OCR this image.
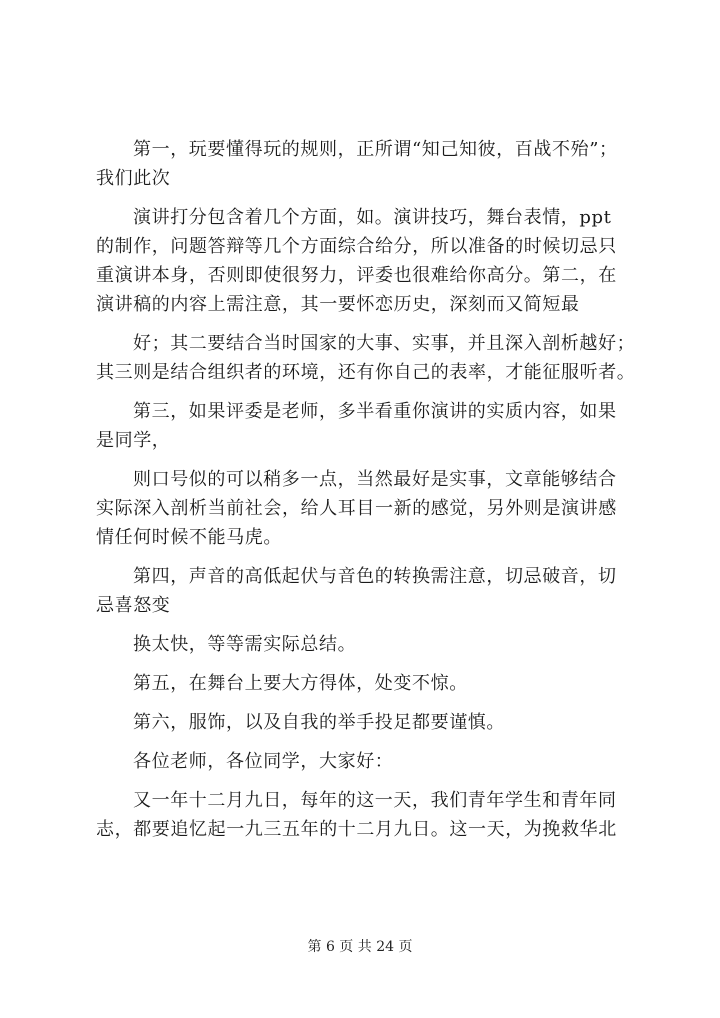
第一，玩要懂得玩的规则，正所谓“知己知彼，百战不殆”；
我们此次

演讲打分包含着几个方面，如。演讲技巧，舞台表情，ppt
的制作，问题答辩等几个方面综合给分，所以准备的时候切忌只
重演讲本身，否则即使很努力，评委也很难给你高分。第二，在
演讲稿的内容上需注意，其一要怀恋历史，深刻而又简短最

好；其二要结合当时国家的大事、实事，并且深入剖析越好；
其三则是结合组织者的环境，还有你自己的表率，才能征服听者。

第三，如果评委是老师，多半看重你演讲的实质内容，如果
是同学，

则口号似的可以稍多一点，当然最好是实事，文章能够结合
实际深入剖析当前社会，给人耳目一新的感觉，另外则是演讲感
情任何时候不能马虎。

第四，声音的高低起伏与音色的转换需注意，切忌破音，切
忌喜怒变

换太快，等等需实际总结。

第五，在舞台上要大方得体，处变不惊。

第六，服饰，以及自我的举手投足都要谨慎。

各位老师，各位同学，大家好：

又一年十二月九日，每年的这一天，我们青年学生和青年同
志，都要追忆起一九三五年的十二月九日。这一天，为挽救华北

第 6 页 共 24 页
